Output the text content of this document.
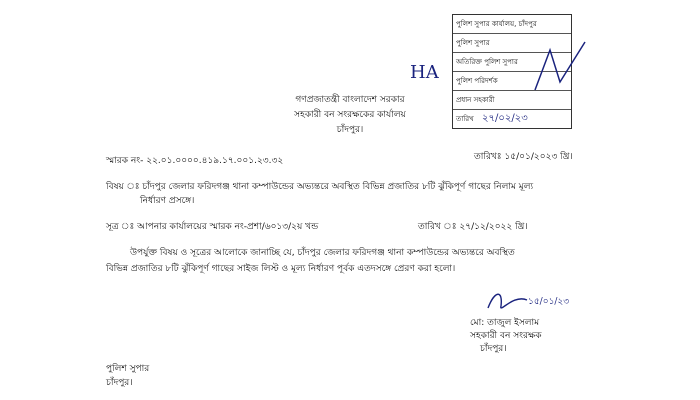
পুলিশ সুপার কার্যালয়, চাঁদপুর
পুলিশ সুপার
অতিরিক্ত পুলিশ সুপার
পুলিশ পরিদর্শক
প্রধান সহকারী
তারিখ ২৭/০২/২৩
HA
গণপ্রজাতন্ত্রী বাংলাদেশ সরকার
সহকারী বন সংরক্ষকের কার্যালয়
চাঁদপুর।
স্মারক নং- ২২.০১.০০০০.৪১৯.১৭.০০১.২৩.৩২	তারিখঃ ১৫/০১/২০২৩ খ্রি।
বিষয় ঃ চাঁদপুর জেলার ফরিদগঞ্জ থানা কম্পাউন্ডের অভ্যন্তরে অবস্থিত বিভিন্ন প্রজাতির ৮টি ঝুঁকিপূর্ণ গাছের নিলাম মূল্য
নির্ধারণ প্রসঙ্গে।
সূত্র ঃ আপনার কার্যালয়ের স্মারক নং-প্রশা/৬০১৩/২য় খন্ড	তারিখ ঃ ২৭/১২/২০২২ খ্রি।
উপর্যুক্ত বিষয় ও সূত্রের আলোকে জানাচ্ছি যে, চাঁদপুর জেলার ফরিদগঞ্জ থানা কম্পাউন্ডের অভ্যন্তরে অবস্থিত
বিভিন্ন প্রজাতির ৮টি ঝুঁকিপূর্ণ গাছের সাইজ লিস্ট ও মূল্য নির্ধারণ পূর্বক এতদসঙ্গে প্রেরণ করা হলো।
১৫/০১/২৩
মো: তাজুল ইসলাম
সহকারী বন সংরক্ষক
চাঁদপুর।
পুলিশ সুপার
চাঁদপুর।
